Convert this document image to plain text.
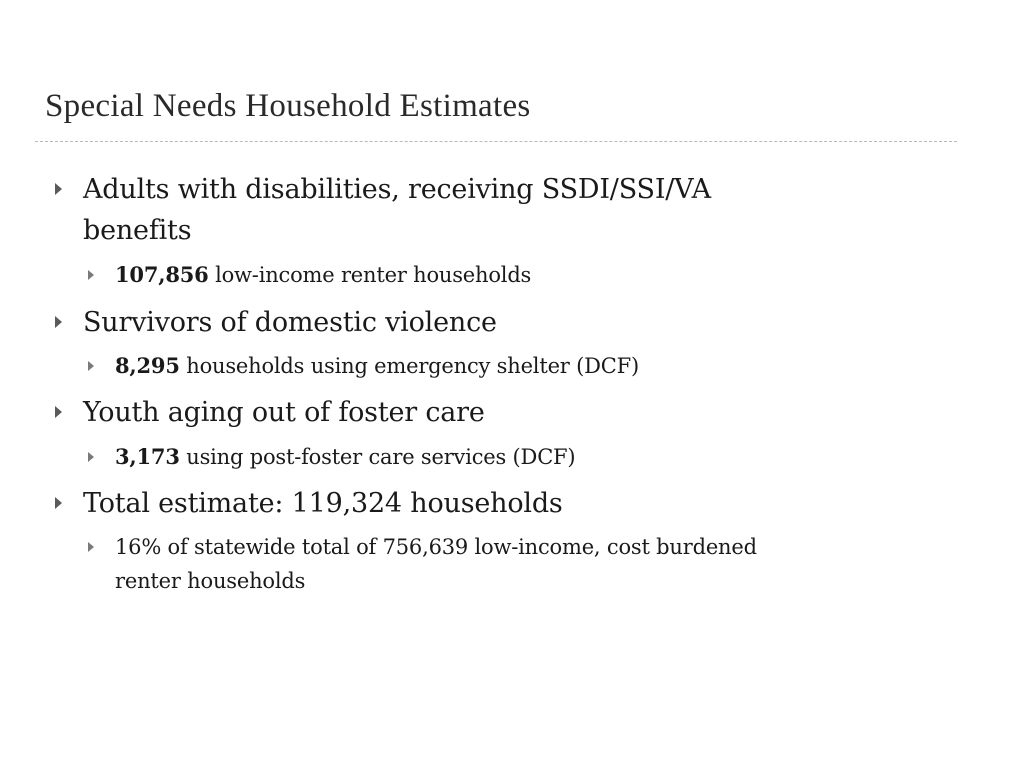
Special Needs Household Estimates
Adults with disabilities, receiving SSDI/SSI/VA
benefits
107,856 low-income renter households
Survivors of domestic violence
8,295 households using emergency shelter (DCF)
Youth aging out of foster care
3,173 using post-foster care services (DCF)
Total estimate: 119,324 households
16% of statewide total of 756,639 low-income, cost burdened
renter households
